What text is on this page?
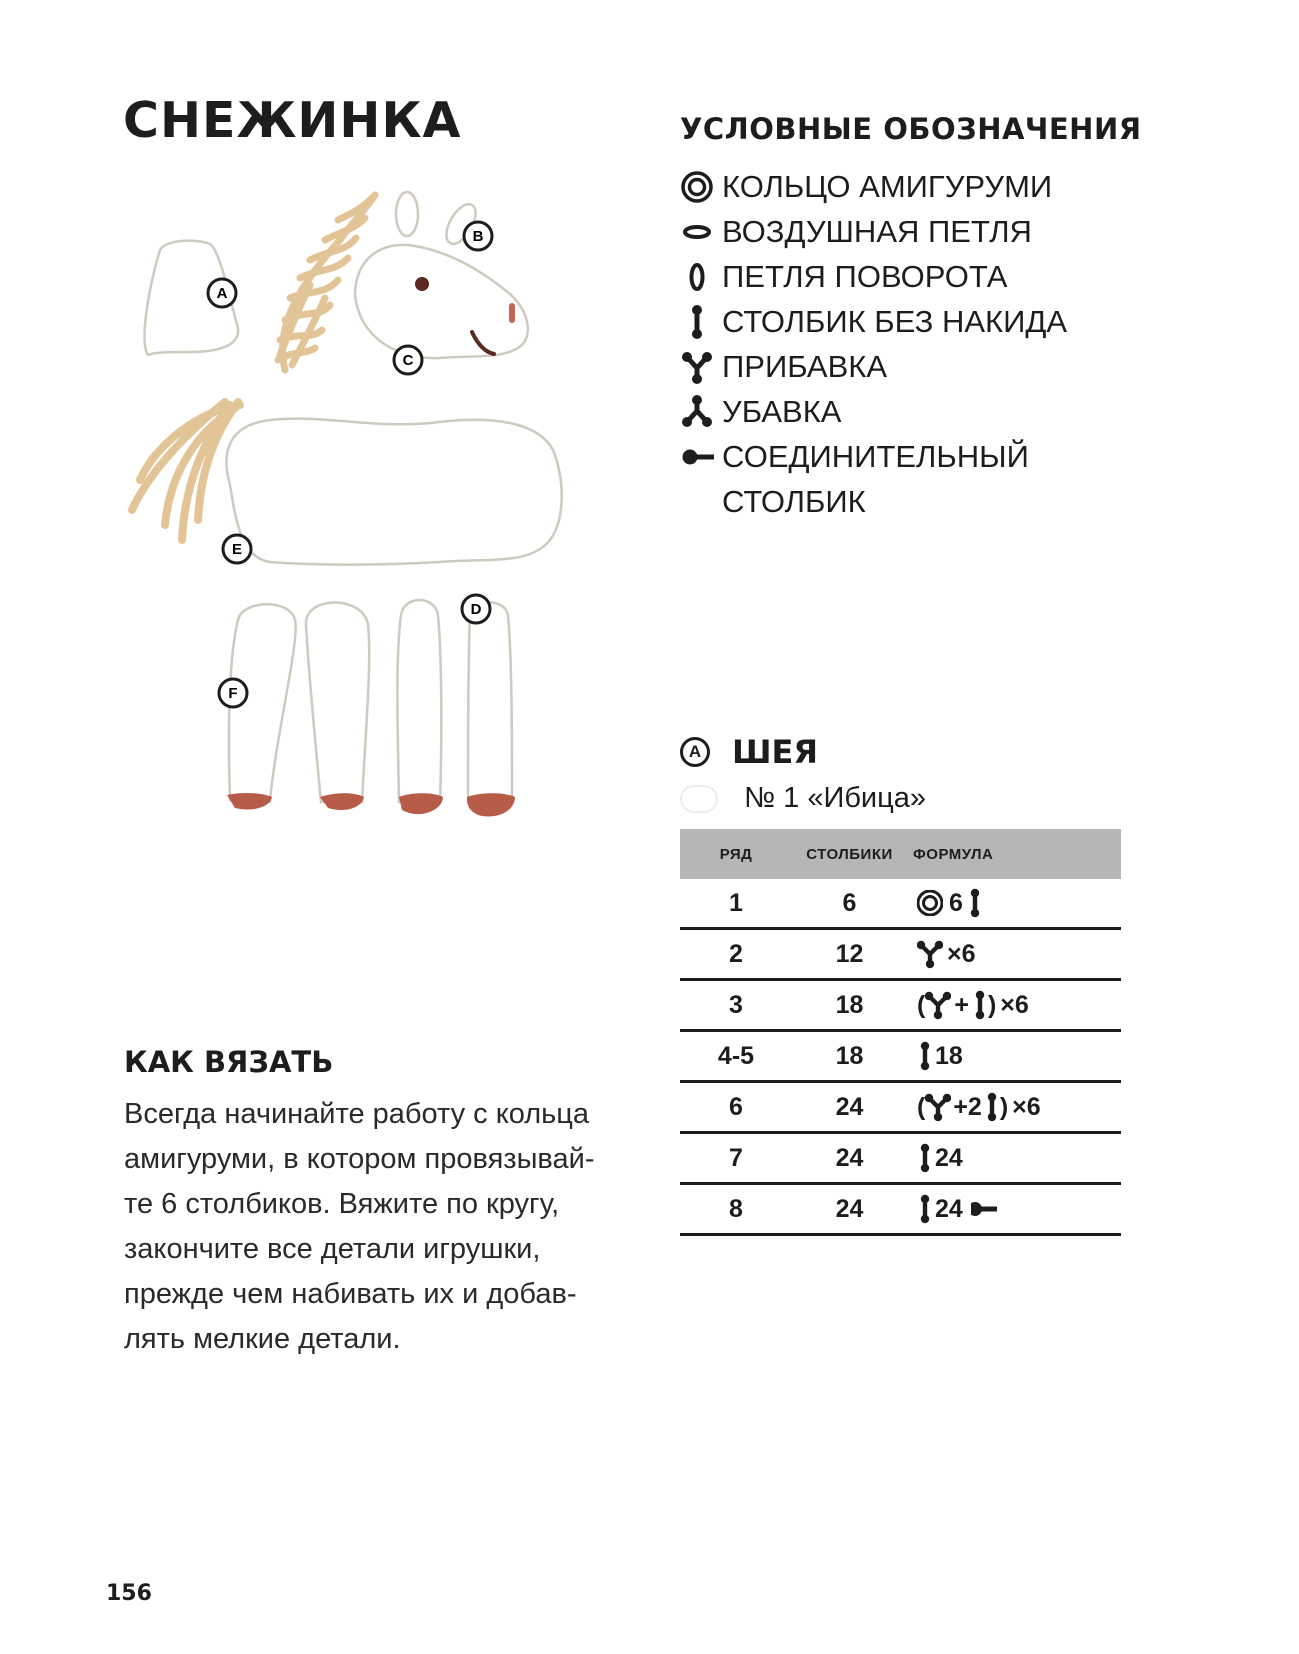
СНЕЖИНКА
A
B
C
D
E
F
УСЛОВНЫЕ ОБОЗНАЧЕНИЯ
КОЛЬЦО АМИГУРУМИ
ВОЗДУШНАЯ ПЕТЛЯ
ПЕТЛЯ ПОВОРОТА
СТОЛБИК БЕЗ НАКИДА
ПРИБАВКА
УБАВКА
СОЕДИНИТЕЛЬНЫЙ
СТОЛБИК
A ШЕЯ
№ 1 «Ибица»
РЯД	СТОЛБИКИ	ФОРМУЛА
1	6	6
2	12	×6
3	18	( + ) ×6
4-5	18	18
6	24	( +2 ) ×6
7	24	24
8	24	24
КАК ВЯЗАТЬ

Всегда начинайте работу с кольца
амигуруми, в котором провязывай-
те 6 столбиков. Вяжите по кругу,
закончите все детали игрушки,
прежде чем набивать их и добав-
лять мелкие детали.

156
